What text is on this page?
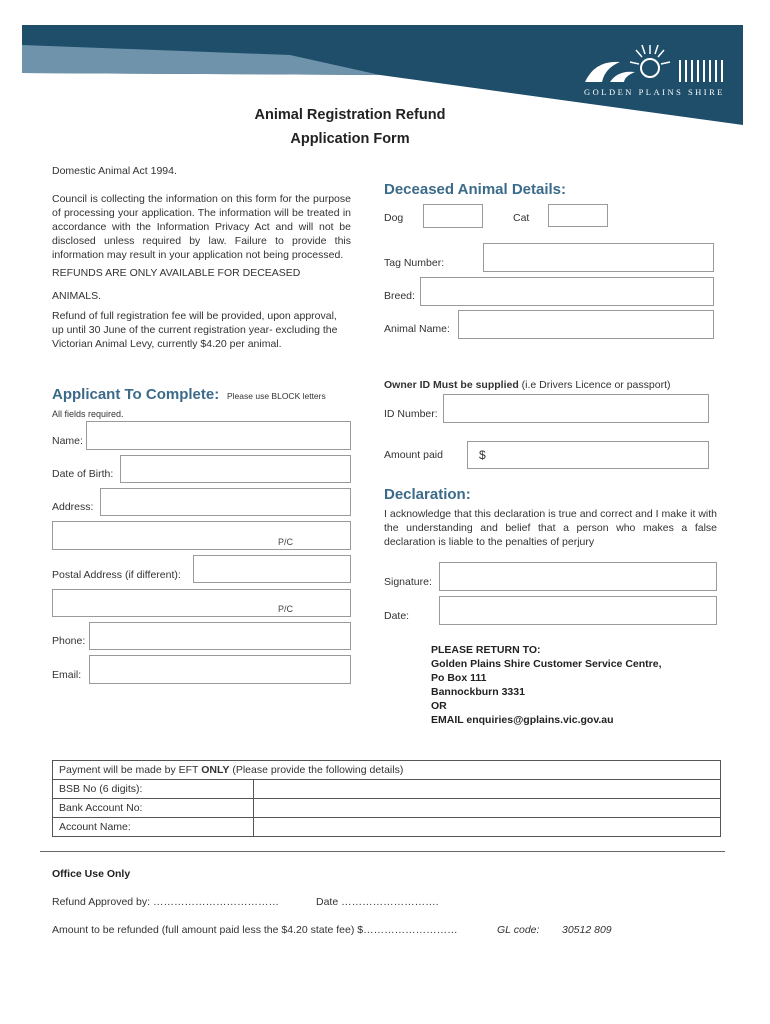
GOLDEN PLAINS SHIRE
Animal Registration Refund
Application Form
Domestic Animal Act 1994.
Council is collecting the information on this form for the purpose of processing your application. The information will be treated in accordance with the Information Privacy Act and will not be disclosed unless required by law. Failure to provide this information may result in your application not being processed.
REFUNDS ARE ONLY AVAILABLE FOR DECEASED
ANIMALS.
Refund of full registration fee will be provided, upon approval, up until 30 June of the current registration year- excluding the Victorian Animal Levy, currently $4.20 per animal.
Applicant To Complete: Please use BLOCK letters
All fields required.
Name:
Date of Birth:
Address:
P/C
Postal Address (if different):
P/C
Phone:
Email:
Deceased Animal Details:
Dog	Cat
Tag Number:
Breed:
Animal Name:
Owner ID Must be supplied (i.e Drivers Licence or passport)
ID Number:
Amount paid	$
Declaration:
I acknowledge that this declaration is true and correct and I make it with the understanding and belief that a person who makes a false declaration is liable to the penalties of perjury
Signature:
Date:
PLEASE RETURN TO:
Golden Plains Shire Customer Service Centre,
Po Box 111
Bannockburn 3331
OR
EMAIL enquiries@gplains.vic.gov.au
Payment will be made by EFT ONLY (Please provide the following details)	
BSB No (6 digits):	
Bank Account No:	
Account Name:	
Office Use Only
Refund Approved by: ………………………………	Date ……………………….
Amount to be refunded (full amount paid less the $4.20 state fee) $………………………	GL code: 30512 809
